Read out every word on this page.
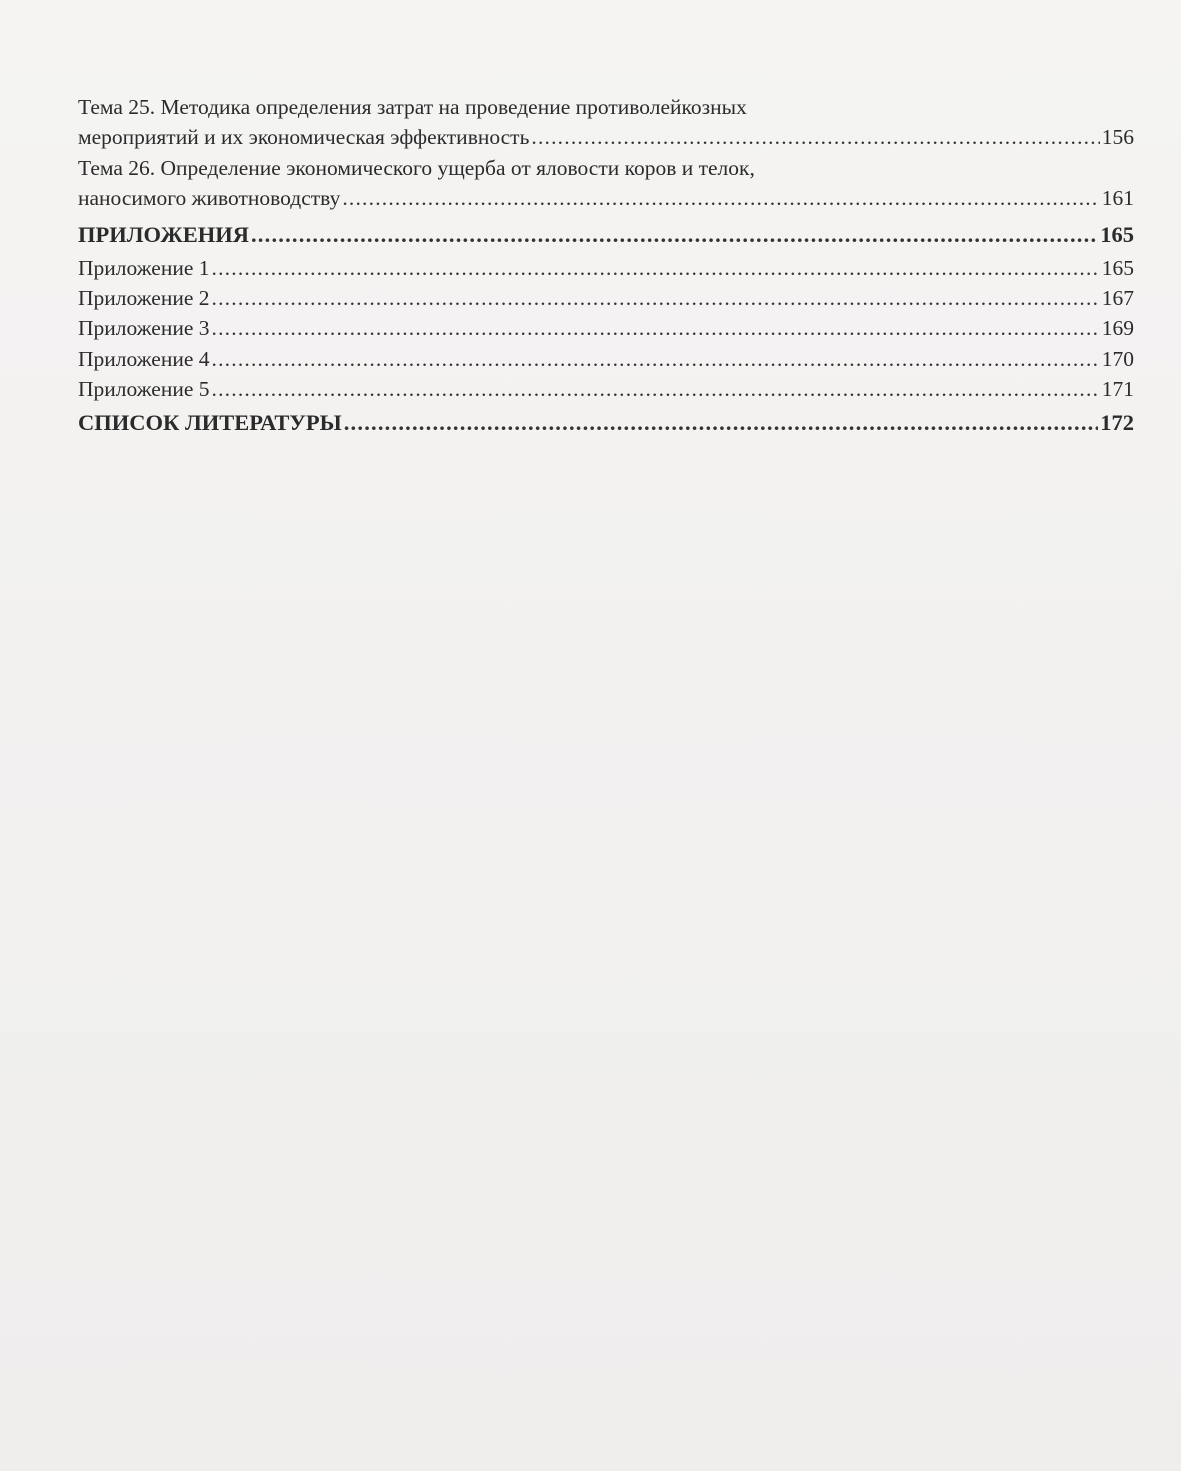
Тема 25. Методика определения затрат на проведение противолейкозных
мероприятий и их экономическая эффективность .....	156
Тема 26. Определение экономического ущерба от яловости коров и телок,
наносимого животноводству .....	161
ПРИЛОЖЕНИЯ .....	165
Приложение 1 .....	165
Приложение 2 .....	167
Приложение 3 .....	169
Приложение 4 .....	170
Приложение 5 .....	171
СПИСОК ЛИТЕРАТУРЫ .....	172
